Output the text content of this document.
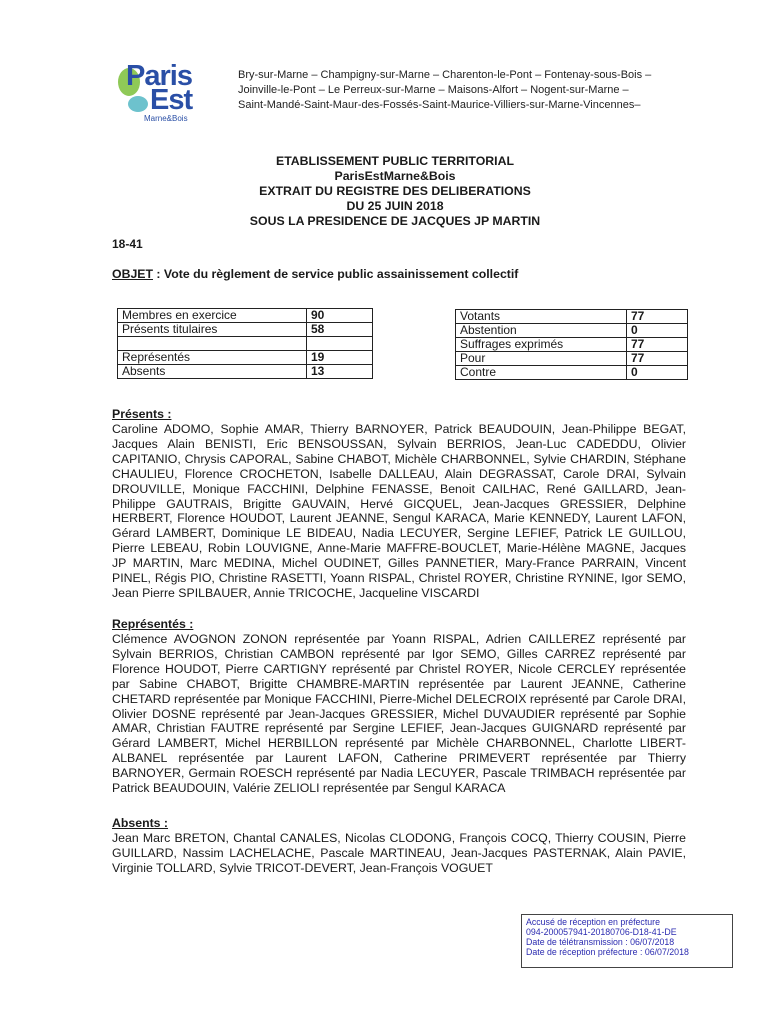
Paris
Est
Marne&Bois
Bry-sur-Marne – Champigny-sur-Marne – Charenton-le-Pont – Fontenay-sous-Bois – Joinville-le-Pont – Le Perreux-sur-Marne – Maisons-Alfort – Nogent-sur-Marne – Saint-Mandé-Saint-Maur-des-Fossés-Saint-Maurice-Villiers-sur-Marne-Vincennes–
ETABLISSEMENT PUBLIC TERRITORIAL
ParisEstMarne&Bois
EXTRAIT DU REGISTRE DES DELIBERATIONS
DU 25 JUIN 2018
SOUS LA PRESIDENCE DE JACQUES JP MARTIN
18-41
OBJET : Vote du règlement de service public assainissement collectif
Membres en exercice	90
Présents titulaires	58

Représentés	19
Absents	13
Votants	77
Abstention	0
Suffrages exprimés	77
Pour	77
Contre	0
Présents :
Caroline ADOMO, Sophie AMAR, Thierry BARNOYER, Patrick BEAUDOUIN, Jean-Philippe BEGAT, Jacques Alain BENISTI, Eric BENSOUSSAN, Sylvain BERRIOS, Jean-Luc CADEDDU, Olivier CAPITANIO, Chrysis CAPORAL, Sabine CHABOT, Michèle CHARBONNEL, Sylvie CHARDIN, Stéphane CHAULIEU, Florence CROCHETON, Isabelle DALLEAU, Alain DEGRASSAT, Carole DRAI, Sylvain DROUVILLE, Monique FACCHINI, Delphine FENASSE, Benoit CAILHAC, René GAILLARD, Jean-Philippe GAUTRAIS, Brigitte GAUVAIN, Hervé GICQUEL, Jean-Jacques GRESSIER, Delphine HERBERT, Florence HOUDOT, Laurent JEANNE, Sengul KARACA, Marie KENNEDY, Laurent LAFON, Gérard LAMBERT, Dominique LE BIDEAU, Nadia LECUYER, Sergine LEFIEF, Patrick LE GUILLOU, Pierre LEBEAU, Robin LOUVIGNE, Anne-Marie MAFFRE-BOUCLET, Marie-Hélène MAGNE, Jacques JP MARTIN, Marc MEDINA, Michel OUDINET, Gilles PANNETIER, Mary-France PARRAIN, Vincent PINEL, Régis PIO, Christine RASETTI, Yoann RISPAL, Christel ROYER, Christine RYNINE, Igor SEMO, Jean Pierre SPILBAUER, Annie TRICOCHE, Jacqueline VISCARDI
Représentés :
Clémence AVOGNON ZONON représentée par Yoann RISPAL, Adrien CAILLEREZ représenté par Sylvain BERRIOS, Christian CAMBON représenté par Igor SEMO, Gilles CARREZ représenté par Florence HOUDOT, Pierre CARTIGNY représenté par Christel ROYER, Nicole CERCLEY représentée par Sabine CHABOT, Brigitte CHAMBRE-MARTIN représentée par Laurent JEANNE, Catherine CHETARD représentée par Monique FACCHINI, Pierre-Michel DELECROIX représenté par Carole DRAI, Olivier DOSNE représenté par Jean-Jacques GRESSIER, Michel DUVAUDIER représenté par Sophie AMAR, Christian FAUTRE représenté par Sergine LEFIEF, Jean-Jacques GUIGNARD représenté par Gérard LAMBERT, Michel HERBILLON représenté par Michèle CHARBONNEL, Charlotte LIBERT-ALBANEL représentée par Laurent LAFON, Catherine PRIMEVERT représentée par Thierry BARNOYER, Germain ROESCH représenté par Nadia LECUYER, Pascale TRIMBACH représentée par Patrick BEAUDOUIN, Valérie ZELIOLI représentée par Sengul KARACA
Absents :
Jean Marc BRETON, Chantal CANALES, Nicolas CLODONG, François COCQ, Thierry COUSIN, Pierre GUILLARD, Nassim LACHELACHE, Pascale MARTINEAU, Jean-Jacques PASTERNAK, Alain PAVIE, Virginie TOLLARD, Sylvie TRICOT-DEVERT, Jean-François VOGUET
Accusé de réception en préfecture
094-200057941-20180706-D18-41-DE
Date de télétransmission : 06/07/2018
Date de réception préfecture : 06/07/2018
